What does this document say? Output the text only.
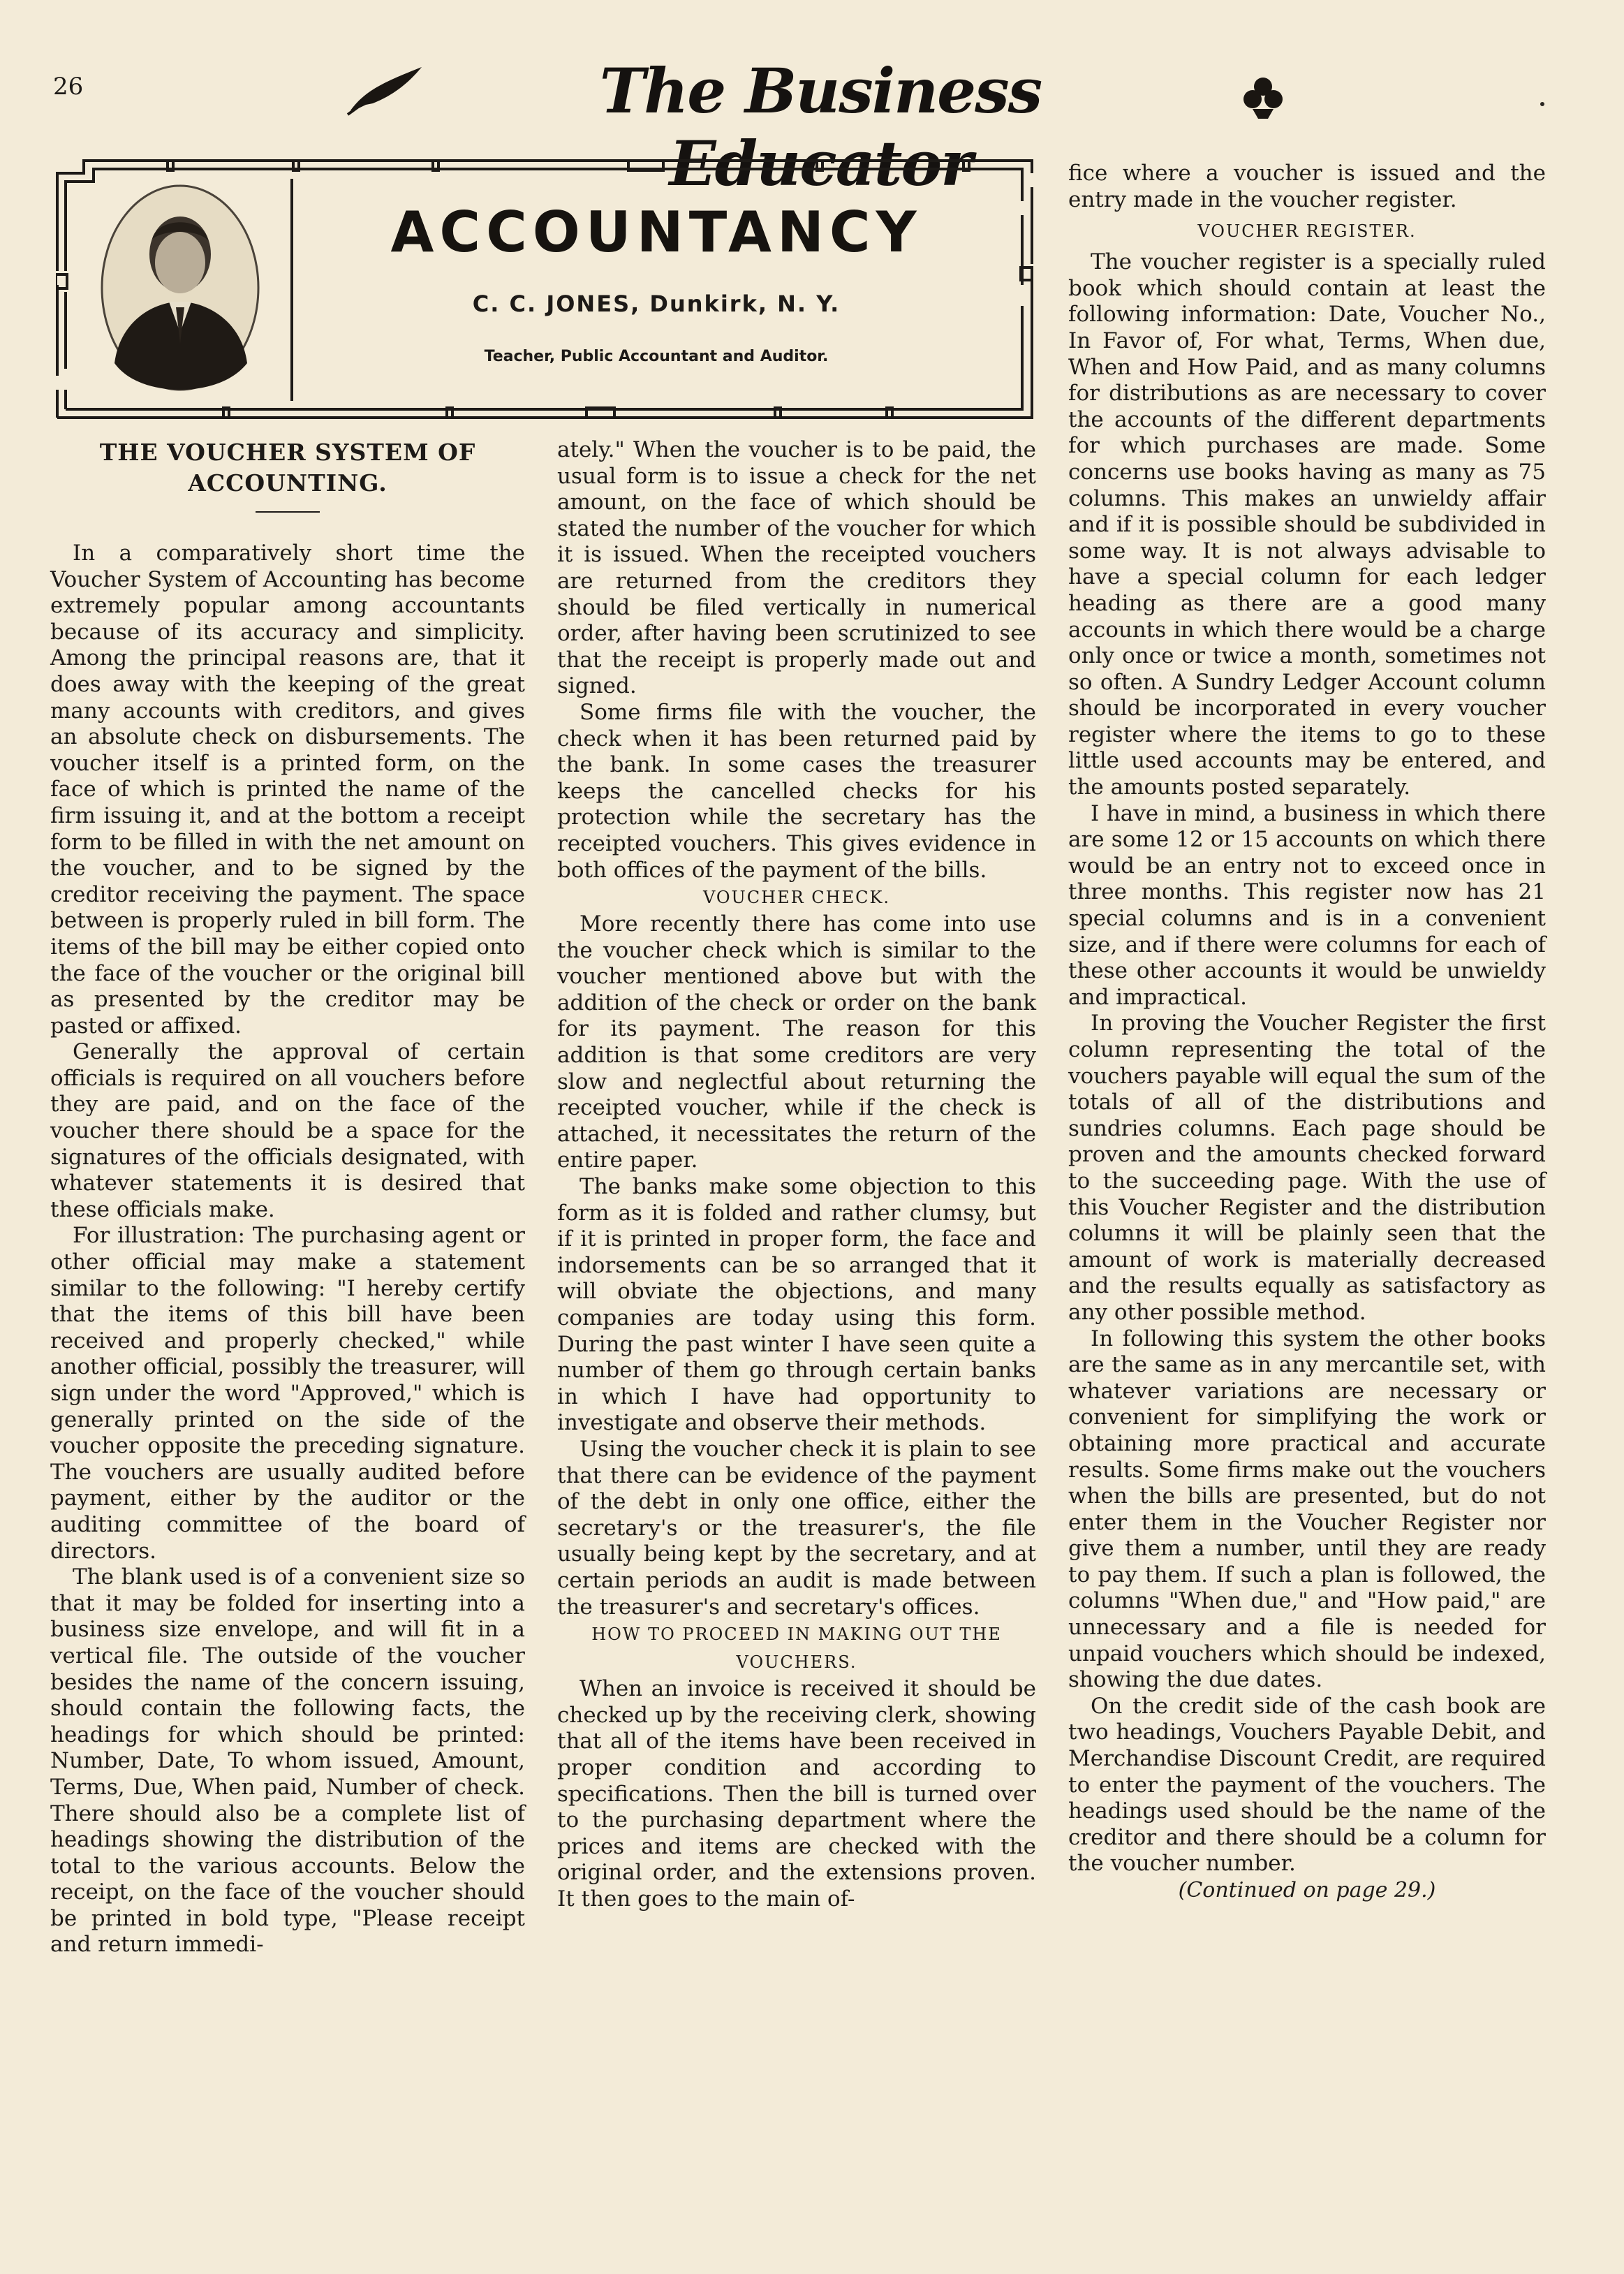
26	The Business Educator
ACCOUNTANCY
C. C. JONES, Dunkirk, N. Y.
Teacher, Public Accountant and Auditor.

THE VOUCHER SYSTEM OF

ACCOUNTING.

In a comparatively short time the Voucher System of Accounting has become extremely popular among accountants because of its accuracy and simplicity. Among the principal reasons are, that it does away with the keeping of the great many accounts with creditors, and gives an absolute check on disbursements. The voucher itself is a printed form, on the face of which is printed the name of the firm issuing it, and at the bottom a receipt form to be filled in with the net amount on the voucher, and to be signed by the creditor receiving the payment. The space between is properly ruled in bill form. The items of the bill may be either copied onto the face of the voucher or the original bill as presented by the creditor may be pasted or affixed.

Generally the approval of certain officials is required on all vouchers before they are paid, and on the face of the voucher there should be a space for the signatures of the officials designated, with whatever statements it is desired that these officials make.

For illustration: The purchasing agent or other official may make a statement similar to the following: "I hereby certify that the items of this bill have been received and properly checked," while another official, possibly the treasurer, will sign under the word "Approved," which is generally printed on the side of the voucher opposite the preceding signature. The vouchers are usually audited before payment, either by the auditor or the auditing committee of the board of directors.

The blank used is of a convenient size so that it may be folded for inserting into a business size envelope, and will fit in a vertical file. The outside of the voucher besides the name of the concern issuing, should contain the following facts, the headings for which should be printed: Number, Date, To whom issued, Amount, Terms, Due, When paid, Number of check. There should also be a complete list of headings showing the distribution of the total to the various accounts. Below the receipt, on the face of the voucher should be printed in bold type, "Please receipt and return immedi-

ately." When the voucher is to be paid, the usual form is to issue a check for the net amount, on the face of which should be stated the number of the voucher for which it is issued. When the receipted vouchers are returned from the creditors they should be filed vertically in numerical order, after having been scrutinized to see that the receipt is properly made out and signed.

Some firms file with the voucher, the check when it has been returned paid by the bank. In some cases the treasurer keeps the cancelled checks for his protection while the secretary has the receipted vouchers. This gives evidence in both offices of the payment of the bills.

VOUCHER CHECK.

More recently there has come into use the voucher check which is similar to the voucher mentioned above but with the addition of the check or order on the bank for its payment. The reason for this addition is that some creditors are very slow and neglectful about returning the receipted voucher, while if the check is attached, it necessitates the return of the entire paper.

The banks make some objection to this form as it is folded and rather clumsy, but if it is printed in proper form, the face and indorsements can be so arranged that it will obviate the objections, and many companies are today using this form. During the past winter I have seen quite a number of them go through certain banks in which I have had opportunity to investigate and observe their methods.

Using the voucher check it is plain to see that there can be evidence of the payment of the debt in only one office, either the secretary's or the treasurer's, the file usually being kept by the secretary, and at certain periods an audit is made between the treasurer's and secretary's offices.

HOW TO PROCEED IN MAKING OUT THE VOUCHERS.

When an invoice is received it should be checked up by the receiving clerk, showing that all of the items have been received in proper condition and according to specifications. Then the bill is turned over to the purchasing department where the prices and items are checked with the original order, and the extensions proven. It then goes to the main of-

fice where a voucher is issued and the entry made in the voucher register.

VOUCHER REGISTER.

The voucher register is a specially ruled book which should contain at least the following information: Date, Voucher No., In Favor of, For what, Terms, When due, When and How Paid, and as many columns for distributions as are necessary to cover the accounts of the different departments for which purchases are made. Some concerns use books having as many as 75 columns. This makes an unwieldy affair and if it is possible should be subdivided in some way. It is not always advisable to have a special column for each ledger heading as there are a good many accounts in which there would be a charge only once or twice a month, sometimes not so often. A Sundry Ledger Account column should be incorporated in every voucher register where the items to go to these little used accounts may be entered, and the amounts posted separately.

I have in mind, a business in which there are some 12 or 15 accounts on which there would be an entry not to exceed once in three months. This register now has 21 special columns and is in a convenient size, and if there were columns for each of these other accounts it would be unwieldy and impractical.

In proving the Voucher Register the first column representing the total of the vouchers payable will equal the sum of the totals of all of the distributions and sundries columns. Each page should be proven and the amounts checked forward to the succeeding page. With the use of this Voucher Register and the distribution columns it will be plainly seen that the amount of work is materially decreased and the results equally as satisfactory as any other possible method.

In following this system the other books are the same as in any mercantile set, with whatever variations are necessary or convenient for simplifying the work or obtaining more practical and accurate results. Some firms make out the vouchers when the bills are presented, but do not enter them in the Voucher Register nor give them a number, until they are ready to pay them. If such a plan is followed, the columns "When due," and "How paid," are unnecessary and a file is needed for unpaid vouchers which should be indexed, showing the due dates.

On the credit side of the cash book are two headings, Vouchers Payable Debit, and Merchandise Discount Credit, are required to enter the payment of the vouchers. The headings used should be the name of the creditor and there should be a column for the voucher number.

(Continued on page 29.)
